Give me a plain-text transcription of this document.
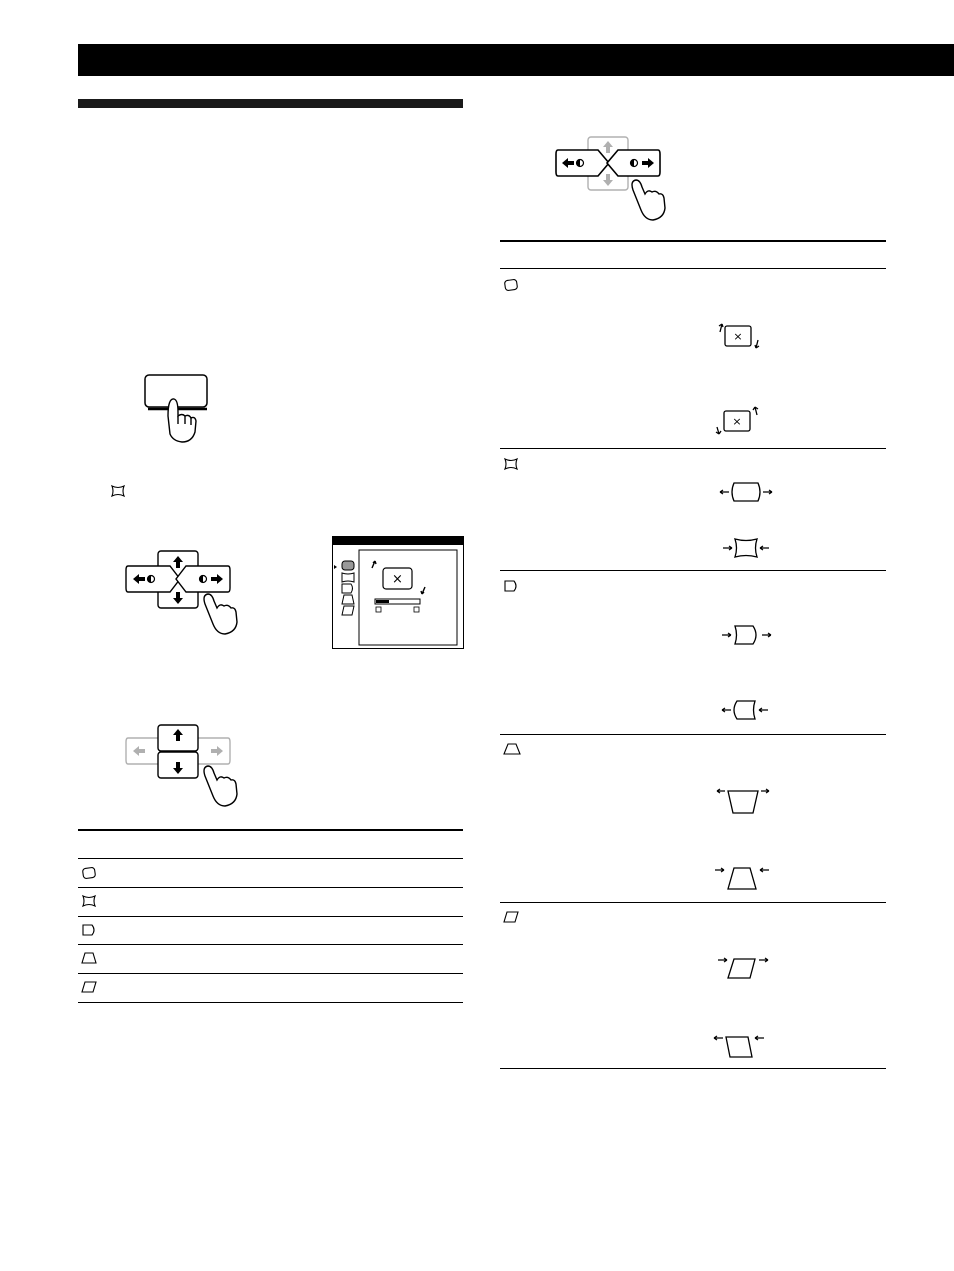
×
×
×
